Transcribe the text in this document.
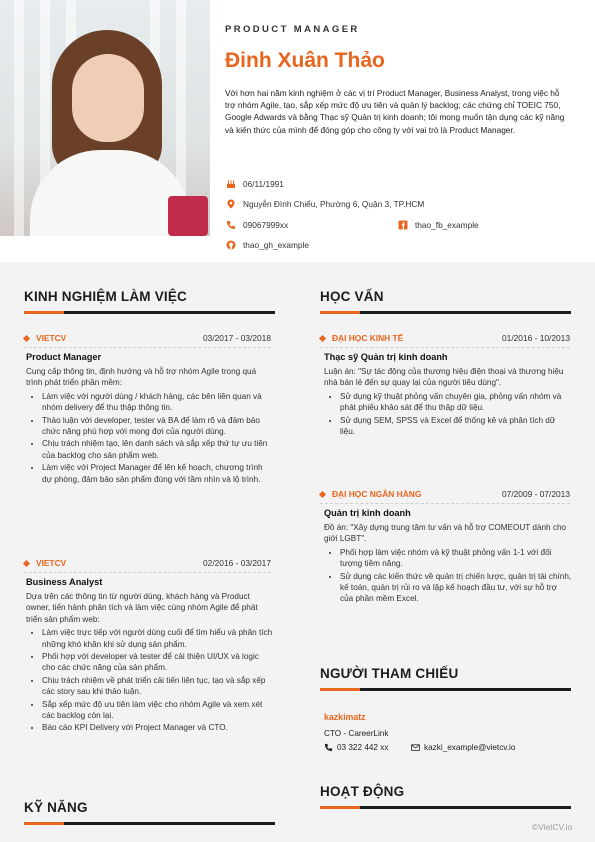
PRODUCT MANAGER

Đinh Xuân Thảo

Với hơn hai năm kinh nghiệm ở các vị trí Product Manager, Business Analyst, trong việc hỗ trợ nhóm Agile, tạo, sắp xếp mức độ ưu tiên và quản lý backlog; các chứng chỉ TOEIC 750, Google Adwards và bằng Thạc sỹ Quản trị kinh doanh; tôi mong muốn tận dụng các kỹ năng và kiến thức của mình để đóng góp cho công ty với vai trò là Product Manager.
06/11/1991
Nguyễn Đình Chiểu, Phường 6, Quận 3, TP.HCM
09067999xx	thao_fb_example
thao_gh_example
KINH NGHIỆM LÀM VIỆC
VIETCV	03/2017 - 03/2018

Product Manager

Cung cấp thông tin, định hướng và hỗ trợ nhóm Agile trong quá trình phát triển phần mềm:

• Làm việc với người dùng / khách hàng, các bên liên quan và nhóm delivery để thu thập thông tin.
• Thảo luận với developer, tester và BA để làm rõ và đảm bảo chức năng phù hợp với mong đợi của người dùng.
• Chịu trách nhiệm tạo, lên danh sách và sắp xếp thứ tự ưu tiên của backlog cho sản phẩm web.
• Làm việc với Project Manager để lên kế hoạch, chương trình dự phòng, đảm bảo sản phẩm đúng với tầm nhìn và lộ trình.
VIETCV	02/2016 - 03/2017

Business Analyst

Dựa trên các thông tin từ người dùng, khách hàng và Product owner, tiến hành phân tích và làm việc cùng nhóm Agile để phát triển sản phẩm web:

• Làm việc trực tiếp với người dùng cuối để tìm hiểu và phân tích những khó khăn khi sử dụng sản phẩm.
• Phối hợp với developer và tester để cải thiện UI/UX và logic cho các chức năng của sản phẩm.
• Chịu trách nhiệm về phát triển cải tiến liên tục, tạo và sắp xếp các story sau khi thảo luận.
• Sắp xếp mức độ ưu tiên làm việc cho nhóm Agile và xem xét các backlog còn lại.
• Báo cáo KPI Delivery với Project Manager và CTO.
KỸ NĂNG
HỌC VẤN
ĐẠI HỌC KINH TẾ	01/2016 - 10/2013

Thạc sỹ Quản trị kinh doanh

Luận án: "Sự tác động của thương hiệu điện thoại và thương hiệu nhà bán lẻ đến sự quay lại của người tiêu dùng".

• Sử dụng kỹ thuật phỏng vấn chuyên gia, phỏng vấn nhóm và phát phiếu khảo sát để thu thập dữ liệu.
• Sử dụng SEM, SPSS và Excel để thống kê và phân tích dữ liệu.
ĐẠI HỌC NGÂN HÀNG	07/2009 - 07/2013

Quản trị kinh doanh

Đồ án: "Xây dựng trung tâm tư vấn và hỗ trợ COMEOUT dành cho giới LGBT".

• Phối hợp làm việc nhóm và kỹ thuật phỏng vấn 1-1 với đối tượng tiềm năng.
• Sử dụng các kiến thức về quản trị chiến lược, quản trị tài chính, kế toán, quản trị rủi ro và lập kế hoạch đầu tư, với sự hỗ trợ của phần mềm Excel.
NGƯỜI THAM CHIẾU
kazkimatz
CTO - CareerLink
03 322 442 xx	kazki_example@vietcv.io
HOẠT ĐỘNG
©VietCV.io
